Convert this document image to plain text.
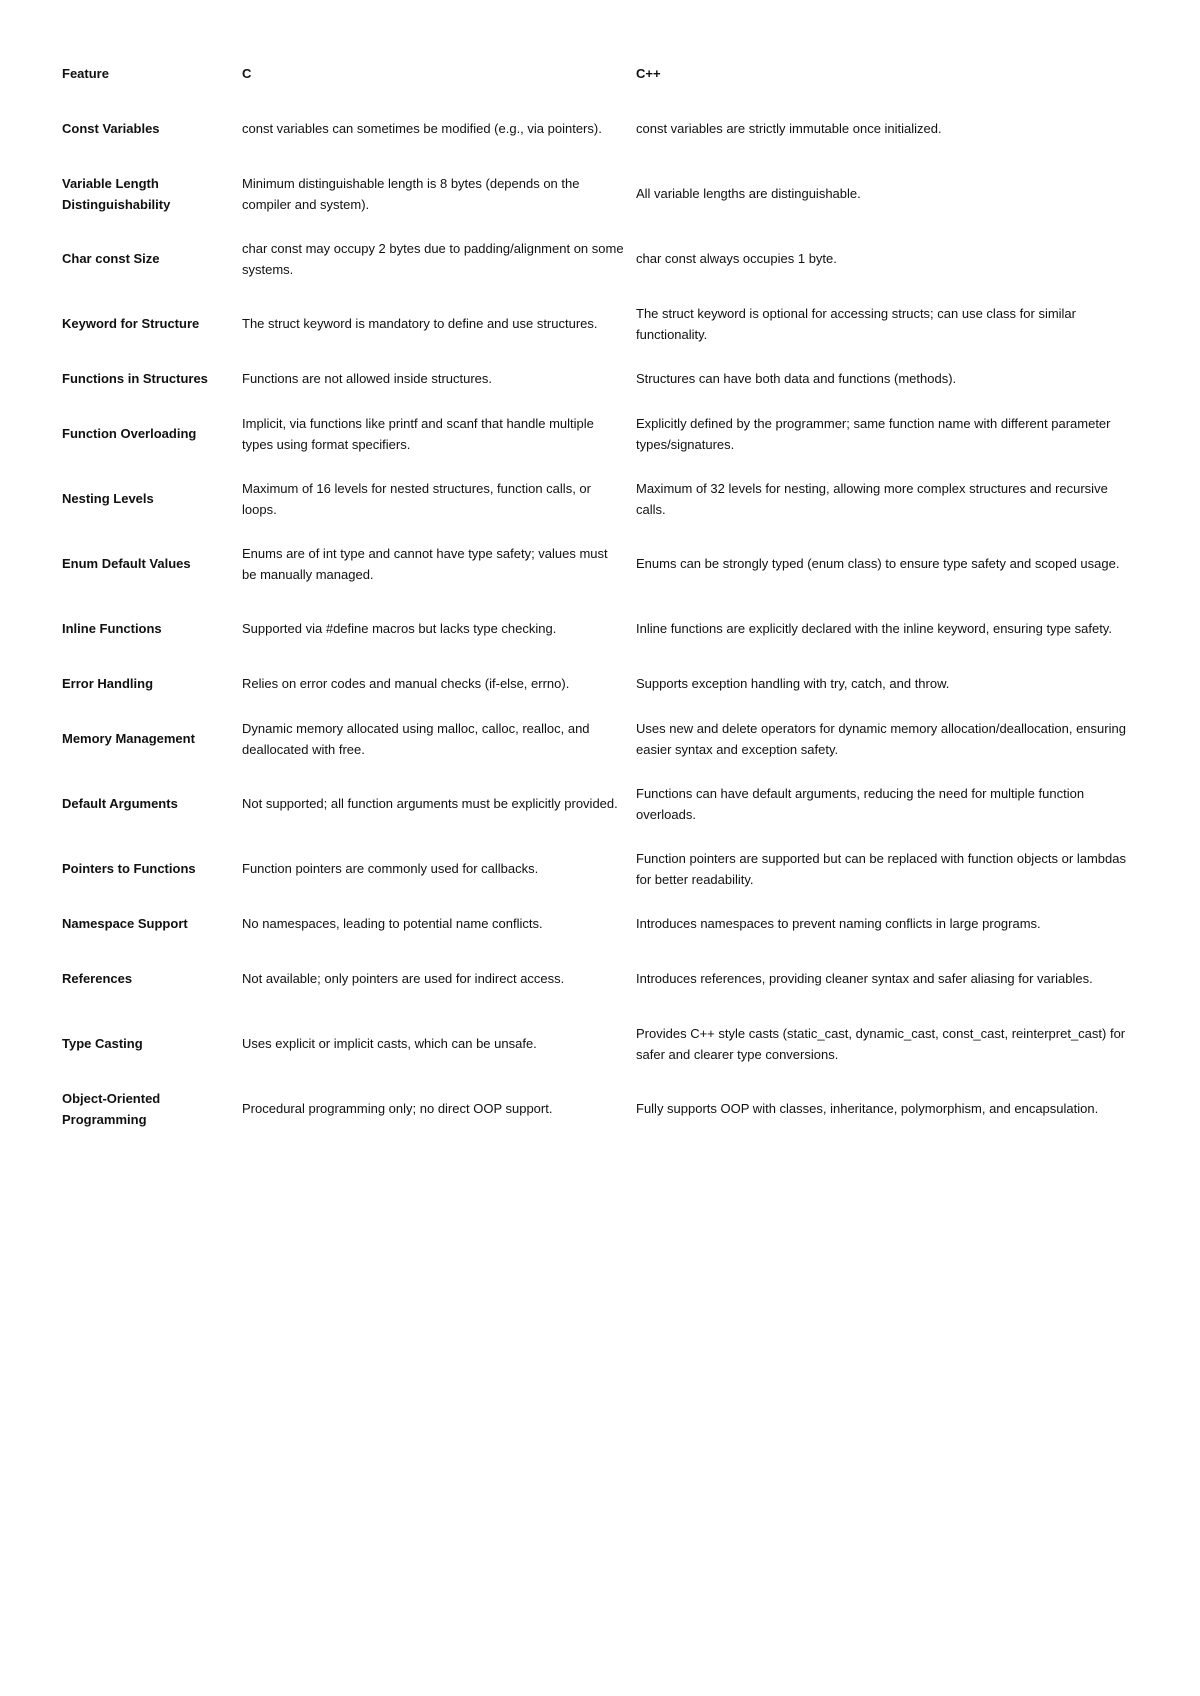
Feature	C	C++
Const Variables	const variables can sometimes be modified (e.g., via pointers).	const variables are strictly immutable once initialized.
Variable Length Distinguishability	Minimum distinguishable length is 8 bytes (depends on the compiler and system).	All variable lengths are distinguishable.
Char const Size	char const may occupy 2 bytes due to padding/alignment on some systems.	char const always occupies 1 byte.
Keyword for Structure	The struct keyword is mandatory to define and use structures.	The struct keyword is optional for accessing structs; can use class for similar functionality.
Functions in Structures	Functions are not allowed inside structures.	Structures can have both data and functions (methods).
Function Overloading	Implicit, via functions like printf and scanf that handle multiple types using format specifiers.	Explicitly defined by the programmer; same function name with different parameter types/signatures.
Nesting Levels	Maximum of 16 levels for nested structures, function calls, or loops.	Maximum of 32 levels for nesting, allowing more complex structures and recursive calls.
Enum Default Values	Enums are of int type and cannot have type safety; values must be manually managed.	Enums can be strongly typed (enum class) to ensure type safety and scoped usage.
Inline Functions	Supported via #define macros but lacks type checking.	Inline functions are explicitly declared with the inline keyword, ensuring type safety.
Error Handling	Relies on error codes and manual checks (if-else, errno).	Supports exception handling with try, catch, and throw.
Memory Management	Dynamic memory allocated using malloc, calloc, realloc, and deallocated with free.	Uses new and delete operators for dynamic memory allocation/deallocation, ensuring easier syntax and exception safety.
Default Arguments	Not supported; all function arguments must be explicitly provided.	Functions can have default arguments, reducing the need for multiple function overloads.
Pointers to Functions	Function pointers are commonly used for callbacks.	Function pointers are supported but can be replaced with function objects or lambdas for better readability.
Namespace Support	No namespaces, leading to potential name conflicts.	Introduces namespaces to prevent naming conflicts in large programs.
References	Not available; only pointers are used for indirect access.	Introduces references, providing cleaner syntax and safer aliasing for variables.
Type Casting	Uses explicit or implicit casts, which can be unsafe.	Provides C++ style casts (static_cast, dynamic_cast, const_cast, reinterpret_cast) for safer and clearer type conversions.
Object-Oriented Programming	Procedural programming only; no direct OOP support.	Fully supports OOP with classes, inheritance, polymorphism, and encapsulation.
